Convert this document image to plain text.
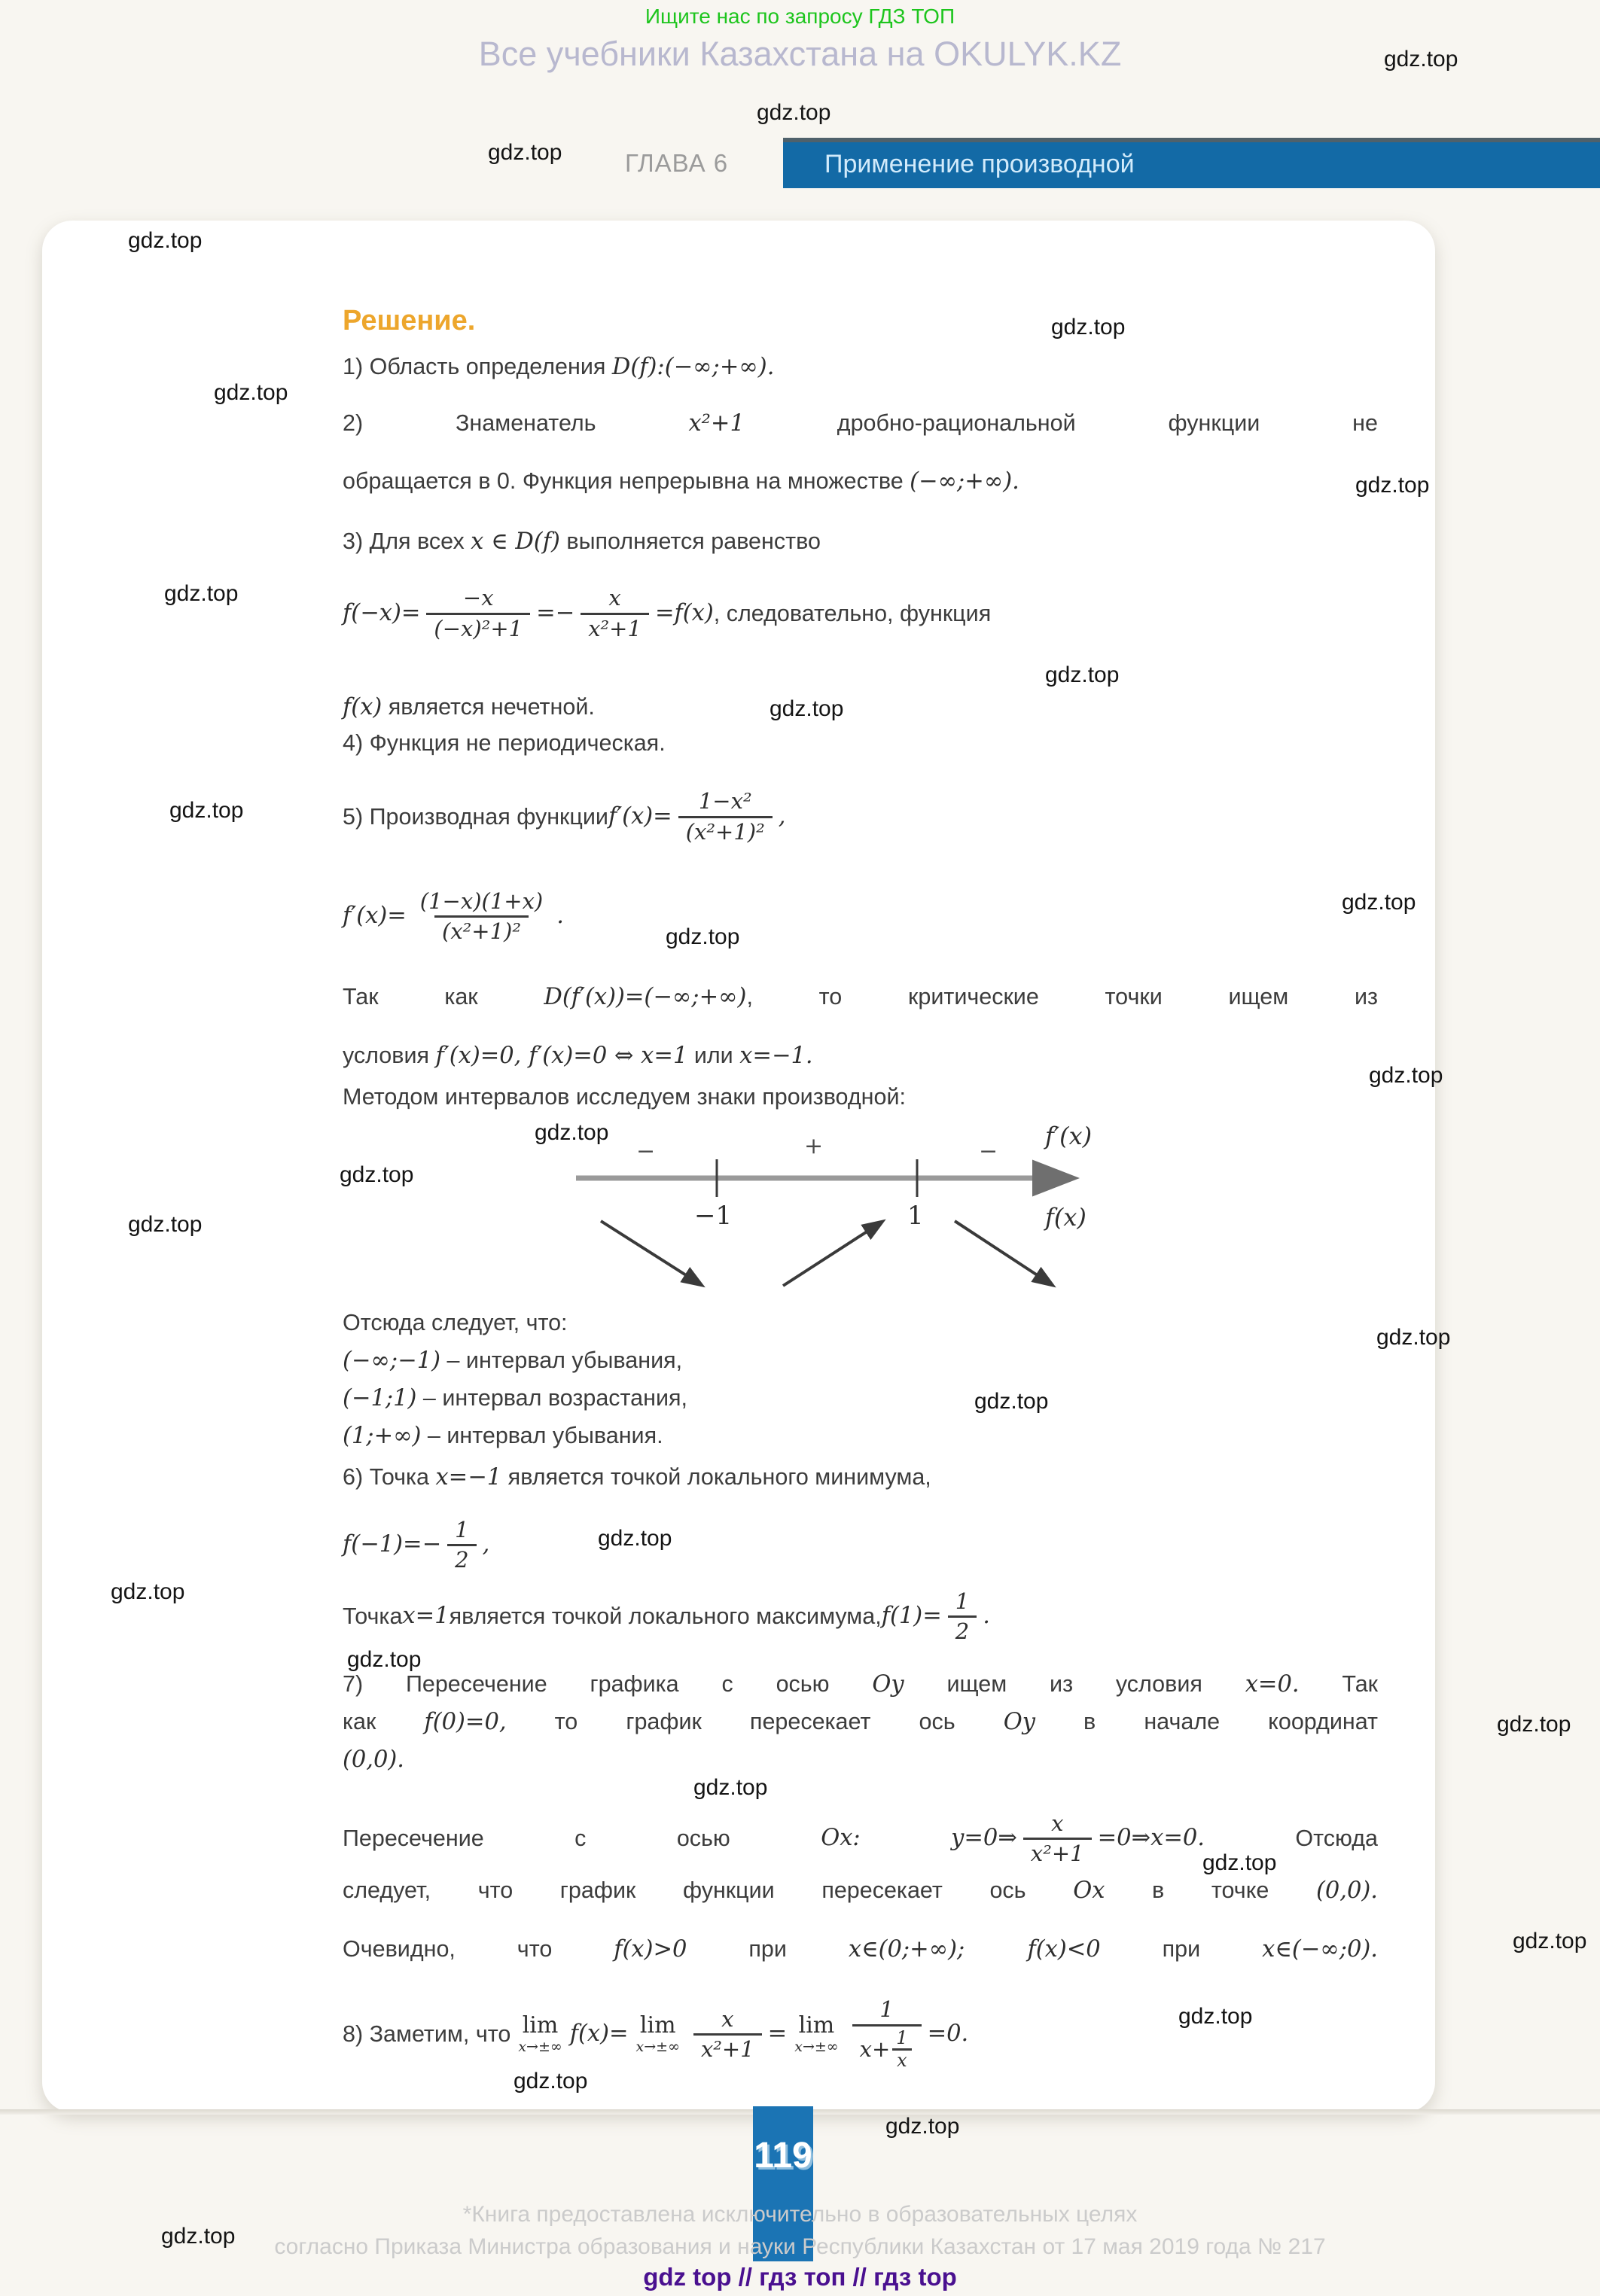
Ищите нас по запросу ГДЗ ТОП
Все учебники Казахстана на OKULYK.KZ
ГЛАВА 6	Применение производной
Решение.
1) Область определения D(f):(−∞;+∞).
2) Знаменатель x²+1 дробно-рациональной функции не
обращается в 0. Функция непрерывна на множестве (−∞;+∞).
3) Для всех x ∈ D(f) выполняется равенство
$f(-x)= \frac{-x}{\text{(−x)²+1}} =- \frac{x}{\text{x²+1}} =f(x)$ , следовательно, функция
f(x) является нечетной.
4) Функция не периодическая.
5) Производная функции $f'(x)= \frac{\text{1−x²}}{\text{(x²+1)²}}$ ,
$f'(x)= \frac{(1-x)(1+x)}{\text{(x²+1)²}}$ .
Так как D(f′(x))=(−∞;+∞), то критические точки ищем из
условия f′(x)=0, f′(x)=0 ⇔ x=1 или x=−1.
Методом интервалов исследуем знаки производной:
−	+	−
f′(x)
−1	1	f(x)
Отсюда следует, что:
(−∞;−1) – интервал убывания,
(−1;1) – интервал возрастания,
(1;+∞) – интервал убывания.
6) Точка x=−1 является точкой локального минимума,
$f(-1)=- \frac{1}{2}$ ,
Точка x=1 является точкой локального максимума, $f(1)= \frac{1}{2}$ .
7) Пересечение графика с осью Oy ищем из условия x=0. Так
как f(0)=0, то график пересекает ось Oy в начале координат
(0,0).
Пересечение	с	осью	Ox:	y=0⇒ $\frac{x}{\text{x²+1}}$ =0⇒ x=0.	Отсюда
следует, что график функции пересекает ось Ox в точке (0,0).
Очевидно, что f(x)>0 при x∈(0;+∞); f(x)<0 при x∈(−∞;0).
8) Заметим, что lim
x→±∞ f(x)= lim
$x\to\pm\infty \frac{x}{\text{x²+1}} = \lim$
$x\to\pm\infty \frac{1}{x+ \frac{1}{x}} =0$.
119
*Книга предоставлена исключительно в образовательных целях
согласно Приказа Министра образования и науки Республики Казахстан от 17 мая 2019 года № 217
gdz top // гдз топ // гдз top
gdz.top
gdz.top
gdz.top
gdz.top
gdz.top
gdz.top
gdz.top
gdz.top
gdz.top
gdz.top
gdz.top
gdz.top
gdz.top
gdz.top
gdz.top
gdz.top
gdz.top
gdz.top
gdz.top
gdz.top
gdz.top
gdz.top
gdz.top
gdz.top
gdz.top
gdz.top
gdz.top
gdz.top
gdz.top
gdz.top
